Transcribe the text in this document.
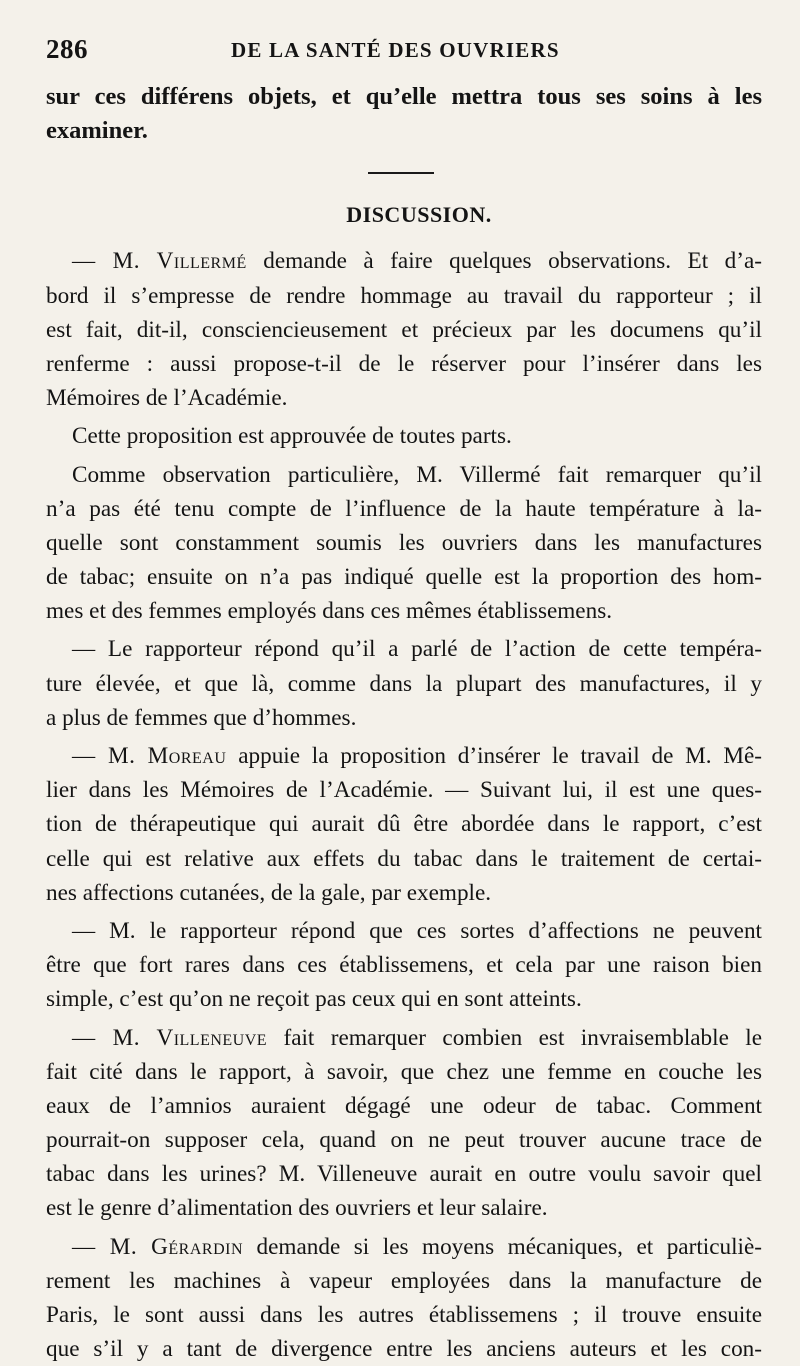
286	DE LA SANTÉ DES OUVRIERS
sur ces différens objets, et qu’elle mettra tous ses soins à les
examiner.
DISCUSSION.
— M. Villermé demande à faire quelques observations. Et d’a-
bord il s’empresse de rendre hommage au travail du rapporteur ; il
est fait, dit-il, consciencieusement et précieux par les documens qu’il
renferme : aussi propose-t-il de le réserver pour l’insérer dans les
Mémoires de l’Académie.
Cette proposition est approuvée de toutes parts.
Comme observation particulière, M. Villermé fait remarquer qu’il
n’a pas été tenu compte de l’influence de la haute température à la-
quelle sont constamment soumis les ouvriers dans les manufactures
de tabac; ensuite on n’a pas indiqué quelle est la proportion des hom-
mes et des femmes employés dans ces mêmes établissemens.
— Le rapporteur répond qu’il a parlé de l’action de cette tempéra-
ture élevée, et que là, comme dans la plupart des manufactures, il y
a plus de femmes que d’hommes.
— M. Moreau appuie la proposition d’insérer le travail de M. Mê-
lier dans les Mémoires de l’Académie. — Suivant lui, il est une ques-
tion de thérapeutique qui aurait dû être abordée dans le rapport, c’est
celle qui est relative aux effets du tabac dans le traitement de certai-
nes affections cutanées, de la gale, par exemple.
— M. le rapporteur répond que ces sortes d’affections ne peuvent
être que fort rares dans ces établissemens, et cela par une raison bien
simple, c’est qu’on ne reçoit pas ceux qui en sont atteints.
— M. Villeneuve fait remarquer combien est invraisemblable le
fait cité dans le rapport, à savoir, que chez une femme en couche les
eaux de l’amnios auraient dégagé une odeur de tabac. Comment
pourrait-on supposer cela, quand on ne peut trouver aucune trace de
tabac dans les urines? M. Villeneuve aurait en outre voulu savoir quel
est le genre d’alimentation des ouvriers et leur salaire.
— M. Gérardin demande si les moyens mécaniques, et particuliè-
rement les machines à vapeur employées dans la manufacture de
Paris, le sont aussi dans les autres établissemens ; il trouve ensuite
que s’il y a tant de divergence entre les anciens auteurs et les con-
